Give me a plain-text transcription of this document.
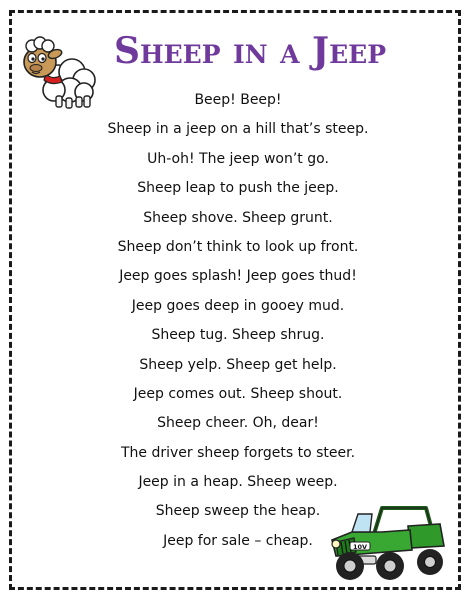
Sheep in a Jeep
Beep! Beep!
Sheep in a jeep on a hill that’s steep.
Uh-oh! The jeep won’t go.
Sheep leap to push the jeep.
Sheep shove. Sheep grunt.
Sheep don’t think to look up front.
Jeep goes splash! Jeep goes thud!
Jeep goes deep in gooey mud.
Sheep tug. Sheep shrug.
Sheep yelp. Sheep get help.
Jeep comes out. Sheep shout.
Sheep cheer. Oh, dear!
The driver sheep forgets to steer.
Jeep in a heap. Sheep weep.
Sheep sweep the heap.
Jeep for sale – cheap.	10V
